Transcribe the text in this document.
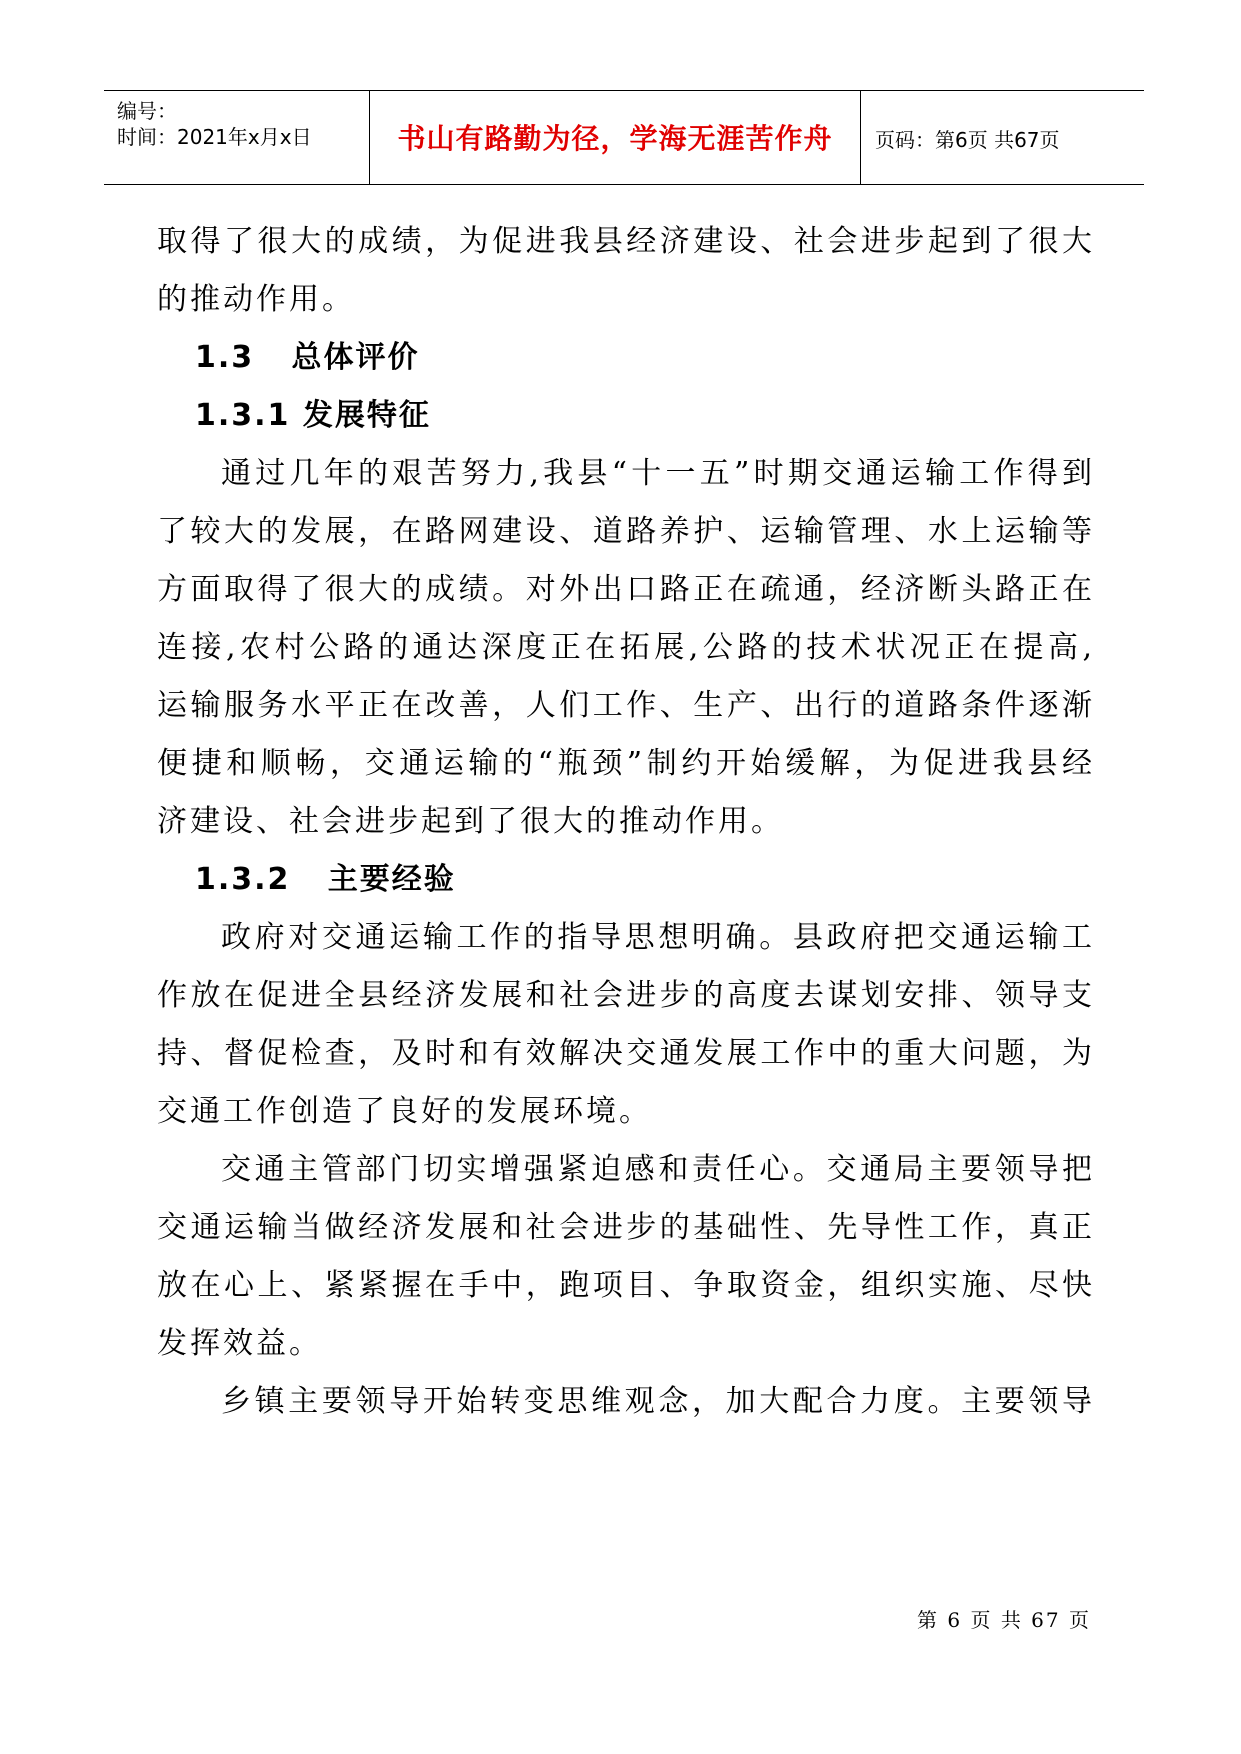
编号：
时间：2021年x月x日	书山有路勤为径，学海无涯苦作舟	页码：第6页 共67页
取得了很大的成绩，为促进我县经济建设、社会进步起到了很大
的推动作用。
1.3 总体评价
1.3.1 发展特征
通过几年的艰苦努力,我县“十一五”时期交通运输工作得到
了较大的发展，在路网建设、道路养护、运输管理、水上运输等
方面取得了很大的成绩。对外出口路正在疏通，经济断头路正在
连接,农村公路的通达深度正在拓展,公路的技术状况正在提高,
运输服务水平正在改善，人们工作、生产、出行的道路条件逐渐
便捷和顺畅，交通运输的“瓶颈”制约开始缓解，为促进我县经
济建设、社会进步起到了很大的推动作用。
1.3.2 主要经验
政府对交通运输工作的指导思想明确。县政府把交通运输工
作放在促进全县经济发展和社会进步的高度去谋划安排、领导支
持、督促检查，及时和有效解决交通发展工作中的重大问题，为
交通工作创造了良好的发展环境。
交通主管部门切实增强紧迫感和责任心。交通局主要领导把
交通运输当做经济发展和社会进步的基础性、先导性工作，真正
放在心上、紧紧握在手中，跑项目、争取资金，组织实施、尽快
发挥效益。
乡镇主要领导开始转变思维观念，加大配合力度。主要领导
第 6 页 共 67 页
